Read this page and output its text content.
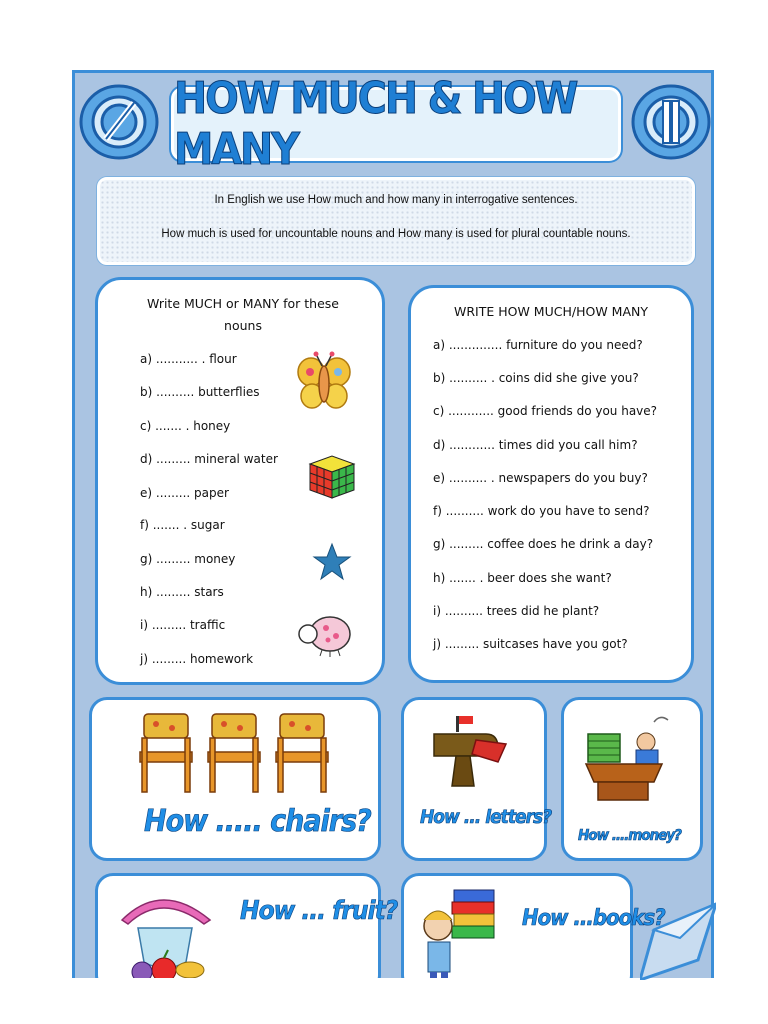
HOW MUCH & HOW MANY
In English we use How much and how many in interrogative sentences.
How much is used for uncountable nouns and How many is used for plural countable nouns.
Write MUCH or MANY for these
nouns
a) ........... . flour
b) .......... butterflies
c) ....... . honey
d) ......... mineral water
e) ......... paper
f) ....... . sugar
g) ......... money
h) ......... stars
i) ......... traffic
j) ......... homework
WRITE HOW MUCH/HOW MANY
a) .............. furniture do you need?
b) .......... . coins did she give you?
c) ............ good friends do you have?
d) ............ times did you call him?
e) .......... . newspapers do you buy?
f) .......... work do you have to send?
g) ......... coffee does he drink a day?
h) ....... . beer does she want?
i) .......... trees did he plant?
j) ......... suitcases have you got?
How ..... chairs?	How ... letters?
How ....money?
How ... fruit?	How ...books?
